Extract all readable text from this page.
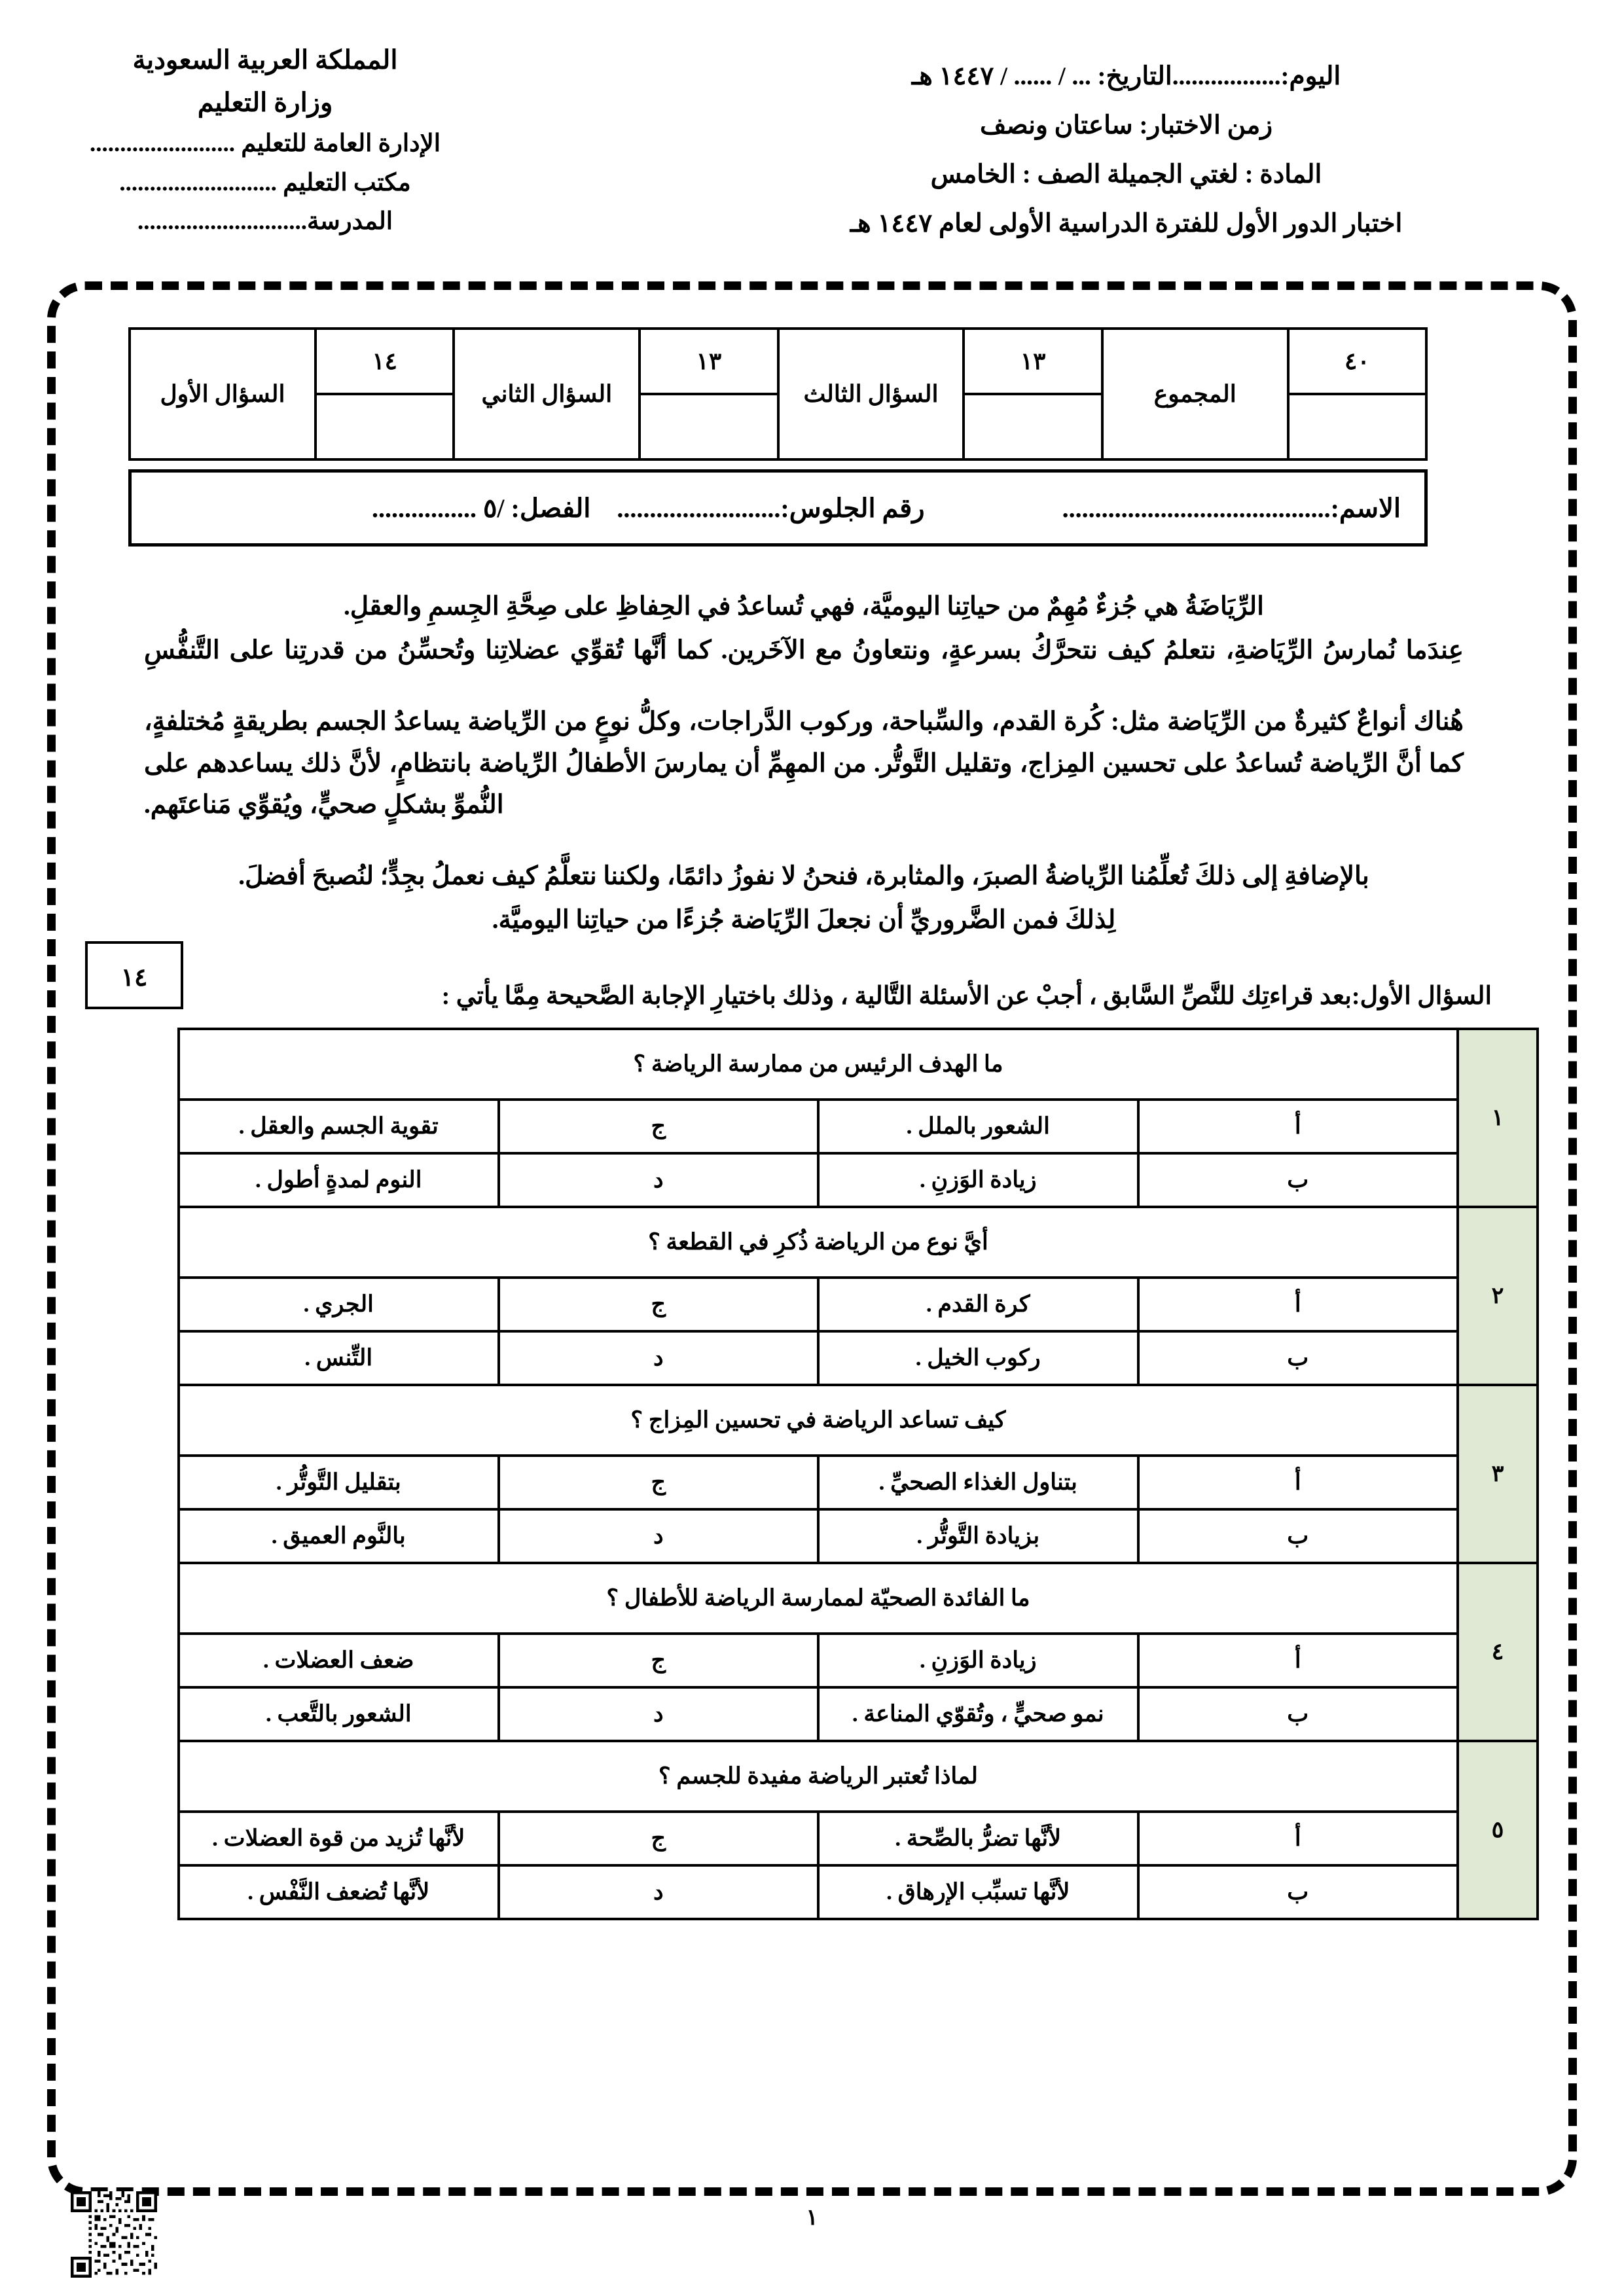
اليوم:.................التاريخ: ... / ...... / ١٤٤٧ هـ
زمن الاختبار: ساعتان ونصف
المادة : لغتي الجميلة الصف : الخامس
اختبار الدور الأول للفترة الدراسية الأولى لعام ١٤٤٧ هـ
المملكة العربية السعودية
وزارة التعليم
الإدارة العامة للتعليم ........................
مكتب التعليم ..........................
المدرسة............................
٤٠	المجموع	١٣	السؤال الثالث	١٣	السؤال الثاني	١٤	السؤال الأول

الاسم:.........................................
رقم الجلوس:.........................
الفصل: /٥ ................

الرِّيَاضَةُ هي جُزءٌ مُهِمٌ من حياتِنا اليوميَّة، فهي تُساعدُ في الحِفاظِ على صِحَّةِ الجِسمِ والعقلِ.

عِندَما نُمارسُ الرِّيَاضةِ، نتعلمُ كيف نتحرَّكُ بسرعةٍ، ونتعاونُ مع الآخَرين. كما أنَّها تُقوِّي عضلاتِنا وتُحسِّنُ من قدرتِنا على التَّنفُّسِ

هُناك أنواعٌ كثيرةٌ من الرِّيَاضة مثل: كُرة القدم، والسِّباحة، وركوب الدَّراجات، وكلُّ نوعٍ من الرِّياضة يساعدُ الجسم بطريقةٍ مُختلفةٍ، كما أنَّ الرِّياضة تُساعدُ على تحسين المِزاج، وتقليل التَّوتُّر. من المهِمِّ أن يمارسَ الأطفالُ الرِّياضة بانتظامٍ، لأنَّ ذلك يساعدهم على النُّموِّ بشكلٍ صحيٍّ، ويُقوِّي مَناعتَهم.

بالإضافةِ إلى ذلكَ تُعلِّمُنا الرِّياضةُ الصبرَ، والمثابرة، فنحنُ لا نفوزُ دائمًا، ولكننا نتعلَّمُ كيف نعملُ بجِدٍّ؛ لنُصبحَ أفضلَ.

لِذلكَ فمن الضَّروريِّ أن نجعلَ الرِّيَاضة جُزءًا من حياتِنا اليوميَّة.

١٤
السؤال الأول:بعد قراءتِك للنَّصِّ السَّابق ، أجبْ عن الأسئلة التَّالية ، وذلك باختيارِ الإجابة الصَّحيحة مِمَّا يأتي :
١	ما الهدف الرئيس من ممارسة الرياضة ؟			
	أ	الشعور بالملل .	ج	تقوية الجسم والعقل .
	ب	زيادة الوَزنِ .	د	النوم لمدةٍ أطول .
٢	أيَّ نوع من الرياضة ذُكرِ في القطعة ؟			
	أ	كرة القدم .	ج	الجري .
	ب	ركوب الخيل .	د	التِّنس .
٣	كيف تساعد الرياضة في تحسين المِزاج ؟			
	أ	بتناول الغذاء الصحيِّ .	ج	بتقليل التَّوتُّر .
	ب	بزيادة التَّوتُّر .	د	بالنَّوم العميق .
٤	ما الفائدة الصحيّة لممارسة الرياضة للأطفال ؟			
	أ	زيادة الوَزنِ .	ج	ضعف العضلات .
	ب	نمو صحيٍّ ، وتُقوّي المناعة .	د	الشعور بالتَّعب .
٥	لماذا تُعتبر الرياضة مفيدة للجسم ؟			
	أ	لأنَّها تضرُّ بالصِّحة .	ج	لأنَّها تُزيد من قوة العضلات .
	ب	لأنَّها تسبِّب الإرهاق .	د	لأنَّها تُضعف النَّفْس .
١
